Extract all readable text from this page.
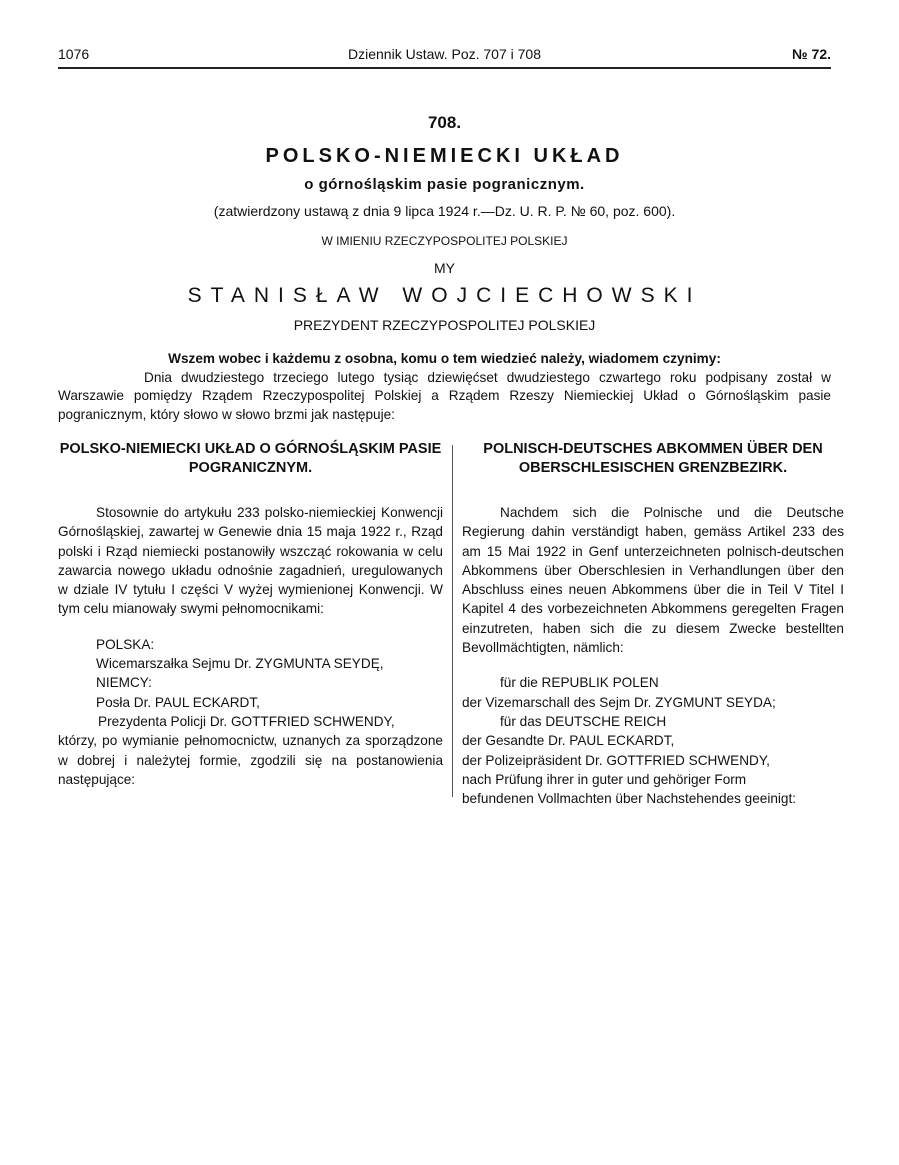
1076	Dziennik Ustaw. Poz. 707 i 708	№ 72.
708.
POLSKO-NIEMIECKI UKŁAD
o górnośląskim pasie pogranicznym.
(zatwierdzony ustawą z dnia 9 lipca 1924 r.—Dz. U. R. P. № 60, poz. 600).
W IMIENIU RZECZYPOSPOLITEJ POLSKIEJ
MY
STANISŁAW WOJCIECHOWSKI
PREZYDENT RZECZYPOSPOLITEJ POLSKIEJ
Wszem wobec i każdemu z osobna, komu o tem wiedzieć należy, wiadomem czynimy:
Dnia dwudziestego trzeciego lutego tysiąc dziewięćset dwudziestego czwartego roku podpisany został w Warszawie pomiędzy Rządem Rzeczypospolitej Polskiej a Rządem Rzeszy Niemieckiej Układ o Górnośląskim pasie pogranicznym, który słowo w słowo brzmi jak następuje:
POLSKO-NIEMIECKI UKŁAD O GÓRNOŚLĄSKIM PASIE POGRANICZNYM.

Stosownie do artykułu 233 polsko-niemieckiej Konwencji Górnośląskiej, zawartej w Genewie dnia 15 maja 1922 r., Rząd polski i Rząd niemiecki postanowiły wszcząć rokowania w celu zawarcia nowego układu odnośnie zagadnień, uregulowanych w dziale IV tytułu I części V wyżej wymienionej Konwencji. W tym celu mianowały swymi pełnomocnikami:

POLSKA:
Wicemarszałka Sejmu Dr. ZYGMUNTA SEYDĘ,
NIEMCY:
Posła Dr. PAUL ECKARDT,
Prezydenta Policji Dr. GOTTFRIED SCHWENDY,

którzy, po wymianie pełnomocnictw, uznanych za sporządzone w dobrej i należytej formie, zgodzili się na postanowienia następujące:

POLNISCH-DEUTSCHES ABKOMMEN ÜBER DEN OBERSCHLESISCHEN GRENZBEZIRK.

Nachdem sich die Polnische und die Deutsche Regierung dahin verständigt haben, gemäss Artikel 233 des am 15 Mai 1922 in Genf unterzeichneten polnisch-deutschen Abkommens über Oberschlesien in Verhandlungen über den Abschluss eines neuen Abkommens über die in Teil V Titel I Kapitel 4 des vorbezeichneten Abkommens geregelten Fragen einzutreten, haben sich die zu diesem Zwecke bestellten Bevollmächtigten, nämlich:

für die REPUBLIK POLEN
der Vizemarschall des Sejm Dr. ZYGMUNT SEYDA;
für das DEUTSCHE REICH
der Gesandte Dr. PAUL ECKARDT,
der Polizeipräsident Dr. GOTTFRIED SCHWENDY,
nach Prüfung ihrer in guter und gehöriger Form
befundenen Vollmachten über Nachstehendes geeinigt:
